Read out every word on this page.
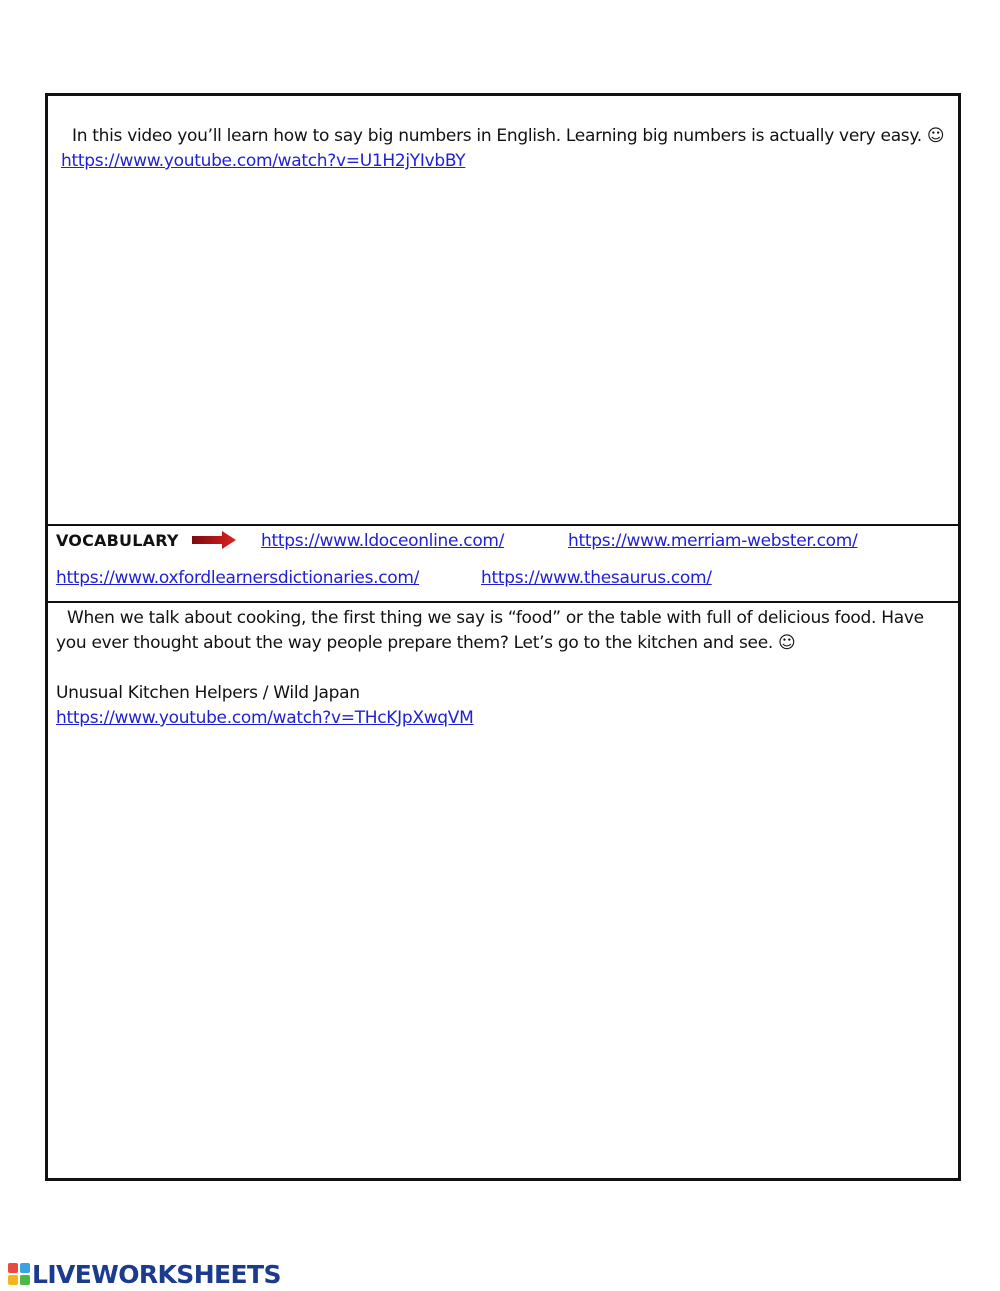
In this video you’ll learn how to say big numbers in English. Learning big numbers is actually very easy. ☺
https://www.youtube.com/watch?v=U1H2jYIvbBY
VOCABULARY	https://www.ldoceonline.com/	https://www.merriam-webster.com/
https://www.oxfordlearnersdictionaries.com/	https://www.thesaurus.com/
When we talk about cooking, the first thing we say is “food” or the table with full of delicious food. Have
you ever thought about the way people prepare them? Let’s go to the kitchen and see. ☺
Unusual Kitchen Helpers / Wild Japan
https://www.youtube.com/watch?v=THcKJpXwqVM
LIVEWORKSHEETS
